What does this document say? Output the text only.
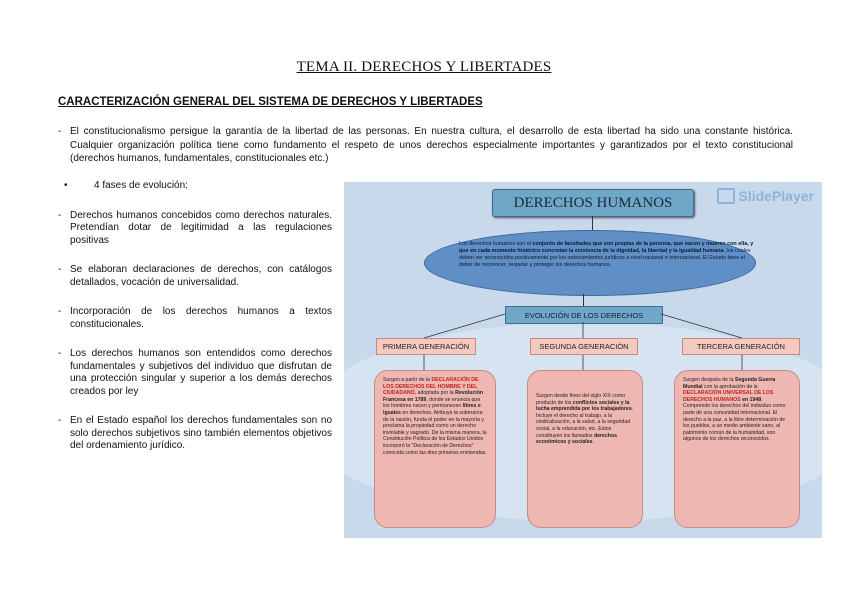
TEMA II. DERECHOS Y LIBERTADES
CARACTERIZACIÓN GENERAL DEL SISTEMA DE DERECHOS Y LIBERTADES
- El constitucionalismo persigue la garantía de la libertad de las personas. En nuestra cultura, el desarrollo de esta libertad ha sido una constante histórica. Cualquier organización política tiene como fundamento el respeto de unos derechos especialmente importantes y garantizados por el texto constitucional (derechos humanos, fundamentales, constitucionales etc.)
•	4 fases de evolución:
- Derechos humanos concebidos como derechos naturales. Pretendían dotar de legitimidad a las regulaciones positivas
- Se elaboran declaraciones de derechos, con catálogos detallados, vocación de universalidad.
- Incorporación de los derechos humanos a textos constitucionales.
- Los derechos humanos son entendidos como derechos fundamentales y subjetivos del individuo que disfrutan de una protección singular y superior a los demás derechos creados por ley
- En el Estado español los derechos fundamentales son no solo derechos subjetivos sino también elementos objetivos del ordenamiento jurídico.
SlidePlayer
DERECHOS HUMANOS
Los derechos humanos son el conjunto de facultades que son propias de la persona, que nacen y mueren con ella, y que en cada momento histórico concretan la existencia de la dignidad, la libertad y la igualdad humana, los cuales deben ser reconocidos positivamente por los ordenamientos jurídicos a nivel nacional e internacional. El Estado tiene el deber de reconocer, respetar y proteger los derechos humanos.
EVOLUCIÓN DE LOS DERECHOS
PRIMERA GENERACIÓN	SEGUNDA GENERACIÓN	TERCERA GENERACIÓN
Surgen a partir de la DECLARACIÓN DE LOS DERECHOS DEL HOMBRE Y DEL CIUDADANO, adoptada por la Revolución Francesa en 1789, donde se enuncia que los hombres nacen y permanecen libres e iguales en derechos. Atribuye la soberanía de la nación, funda el poder en la mayoría y proclama la propiedad como un derecho inviolable y sagrado. De la misma manera, la Constitución Política de los Estados Unidos incorporó la "Declaración de Derechos" conocida como las diez primeras enmiendas.
Surgen desde fines del siglo XIX como producto de los conflictos sociales y la lucha emprendida por los trabajadores. Incluye el derecho al trabajo, a la sindicalización, a la salud, a la seguridad social, a la educación, etc. Estos constituyen los llamados derechos económicos y sociales.
Surgen después de la Segunda Guerra Mundial con la aprobación de la DECLARACIÓN UNIVERSAL DE LOS DERECHOS HUMANOS en 1948. Comprende los derechos del individuo como parte de una comunidad internacional. El derecho a la paz, a la libre determinación de los pueblos, a un medio ambiente sano, al patrimonio común de la humanidad, son algunos de los derechos reconocidos.
